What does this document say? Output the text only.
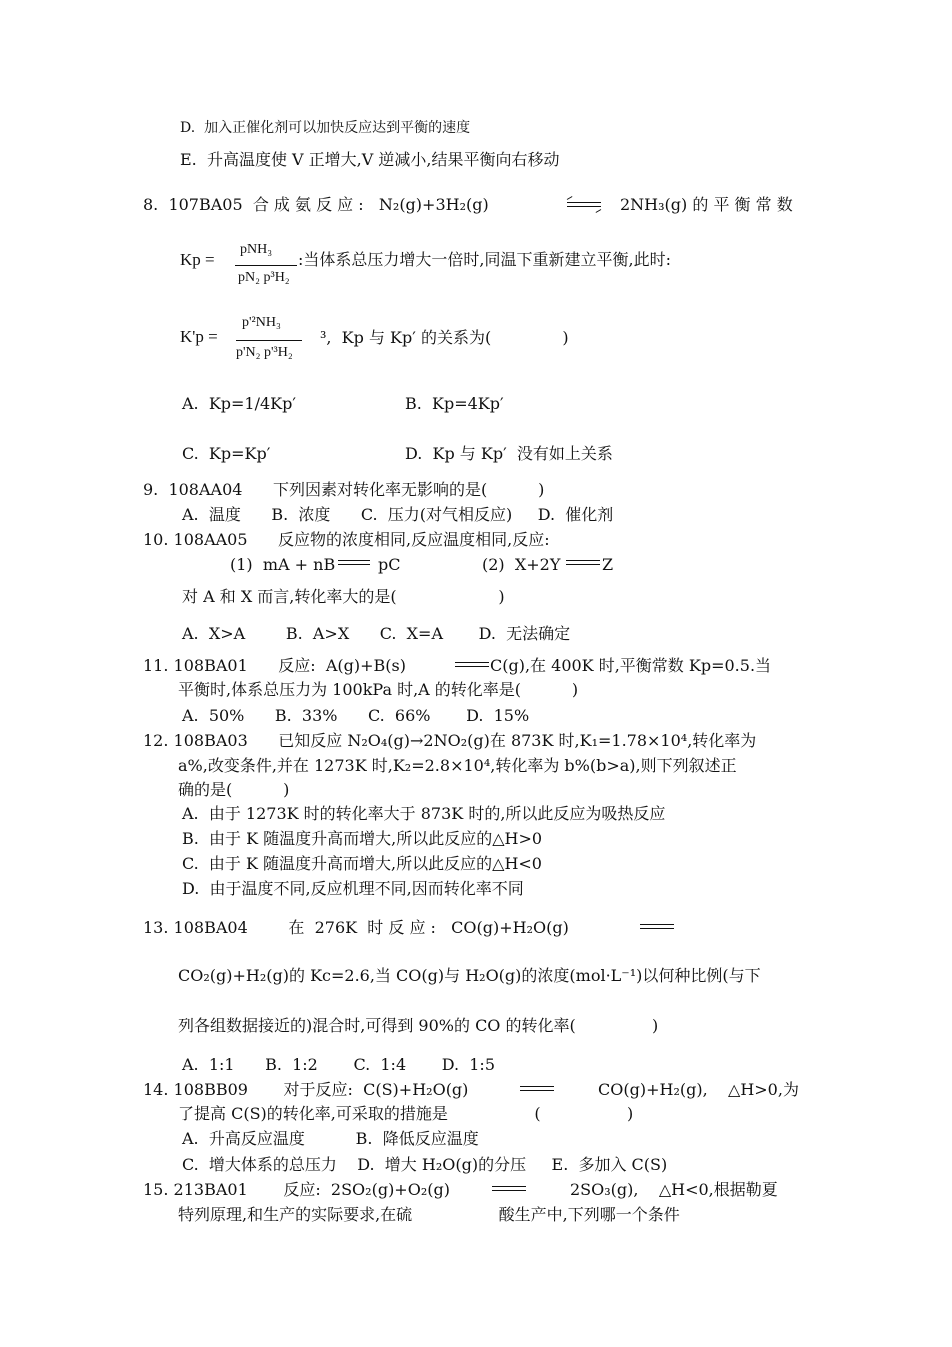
D.  加入正催化剂可以加快反应达到平衡的速度
E.  升高温度使 V 正增大,V 逆减小,结果平衡向右移动
8.  107BA05  合 成 氨 反 应 :   N₂(g)+3H₂(g)	2NH₃(g) 的 平 衡 常 数
Kp =
pNH₃
pN₂ p³H₂
:当体系总压力增大一倍时,同温下重新建立平衡,此时:
K'p =
p'²NH₃
p'N₂ p'³H₂
³,  Kp 与 Kp′ 的关系为(              )
A.  Kp=1/4Kp′	B.  Kp=4Kp′
C.  Kp=Kp′	D.  Kp 与 Kp′  没有如上关系
9.  108AA04      下列因素对转化率无影响的是(          )
A.  温度      B.  浓度      C.  压力(对气相反应)     D.  催化剂
10. 108AA05      反应物的浓度相同,反应温度相同,反应:
(1)  mA + nB	pC	(2)  X+2Y	Z
对 A 和 X 而言,转化率大的是(                    )
A.  X>A        B.  A>X      C.  X=A       D.  无法确定
11. 108BA01      反应:  A(g)+B(s)	C(g),在 400K 时,平衡常数 Kp=0.5.当
平衡时,体系总压力为 100kPa 时,A 的转化率是(          )
A.  50%      B.  33%      C.  66%       D.  15%
12. 108BA03      已知反应 N₂O₄(g)→2NO₂(g)在 873K 时,K₁=1.78×10⁴,转化率为
a%,改变条件,并在 1273K 时,K₂=2.8×10⁴,转化率为 b%(b>a),则下列叙述正
确的是(          )
A.  由于 1273K 时的转化率大于 873K 时的,所以此反应为吸热反应
B.  由于 K 随温度升高而增大,所以此反应的△H>0
C.  由于 K 随温度升高而增大,所以此反应的△H<0
D.  由于温度不同,反应机理不同,因而转化率不同
13. 108BA04        在  276K  时 反 应 :   CO(g)+H₂O(g)
CO₂(g)+H₂(g)的 Kc=2.6,当 CO(g)与 H₂O(g)的浓度(mol·L⁻¹)以何种比例(与下
列各组数据接近的)混合时,可得到 90%的 CO 的转化率(               )
A.  1:1      B.  1:2       C.  1:4       D.  1:5
14. 108BB09       对于反应:  C(S)+H₂O(g)	CO(g)+H₂(g),    △H>0,为
了提高 C(S)的转化率,可采取的措施是                 (                 )
A.  升高反应温度          B.  降低反应温度
C.  增大体系的总压力    D.  增大 H₂O(g)的分压     E.  多加入 C(S)
15. 213BA01       反应:  2SO₂(g)+O₂(g)	2SO₃(g),    △H<0,根据勒夏
特列原理,和生产的实际要求,在硫                 酸生产中,下列哪一个条件
